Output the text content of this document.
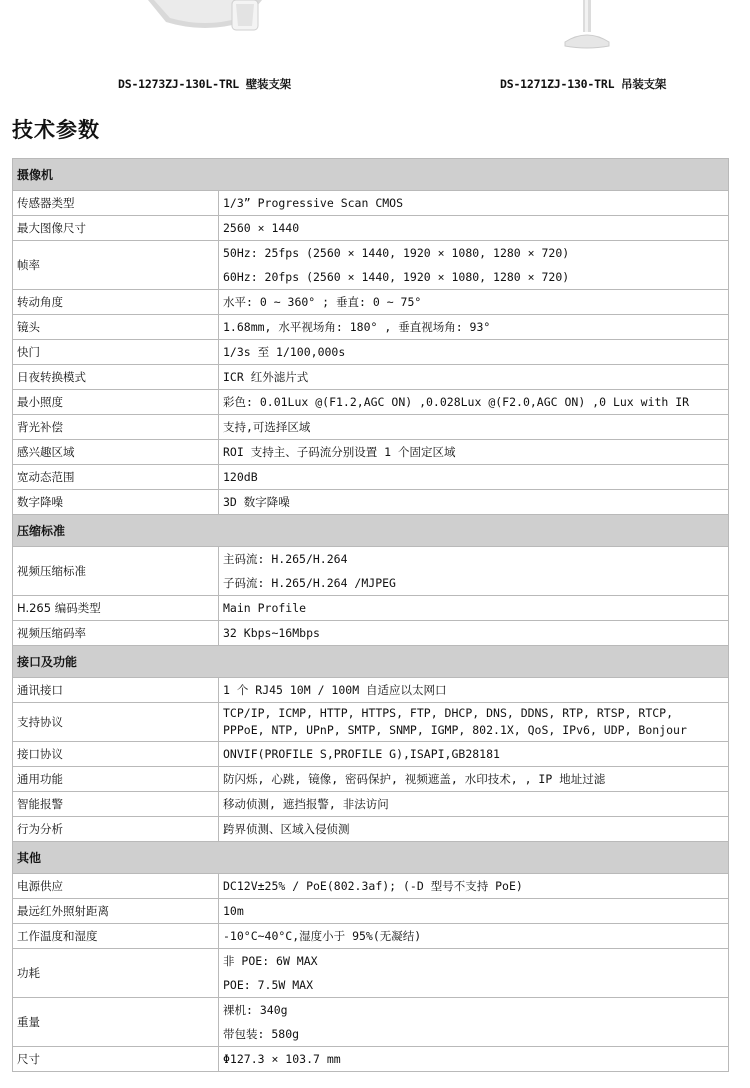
DS-1273ZJ-130L-TRL 壁装支架	DS-1271ZJ-130-TRL 吊装支架
技术参数
摄像机	
传感器类型	1/3” Progressive Scan CMOS

最大图像尺寸	2560 × 1440

帧率	50Hz: 25fps (2560 × 1440, 1920 × 1080, 1280 × 720)
60Hz: 20fps (2560 × 1440, 1920 × 1080, 1280 × 720)

转动角度	水平: 0 ~ 360° ; 垂直: 0 ~ 75°

镜头	1.68mm, 水平视场角: 180° , 垂直视场角: 93°

快门	1/3s 至 1/100,000s

日夜转换模式	ICR 红外滤片式

最小照度	彩色: 0.01Lux @(F1.2,AGC ON) ,0.028Lux @(F2.0,AGC ON) ,0 Lux with IR

背光补偿	支持,可选择区域

感兴趣区域	ROI 支持主、子码流分别设置 1 个固定区域

宽动态范围	120dB

数字降噪	3D 数字降噪

压缩标准	
视频压缩标准	主码流: H.265/H.264
子码流: H.265/H.264 /MJPEG

H.265 编码类型	Main Profile

视频压缩码率	32 Kbps~16Mbps

接口及功能	
通讯接口	1 个 RJ45 10M / 100M 自适应以太网口

支持协议	TCP/IP, ICMP, HTTP, HTTPS, FTP, DHCP, DNS, DDNS, RTP, RTSP, RTCP,
PPPoE, NTP, UPnP, SMTP, SNMP, IGMP, 802.1X, QoS, IPv6, UDP, Bonjour

接口协议	ONVIF(PROFILE S,PROFILE G),ISAPI,GB28181

通用功能	防闪烁, 心跳, 镜像, 密码保护, 视频遮盖, 水印技术, , IP 地址过滤

智能报警	移动侦测, 遮挡报警, 非法访问

行为分析	跨界侦测、区域入侵侦测

其他	
电源供应	DC12V±25% / PoE(802.3af); (-D 型号不支持 PoE)

最远红外照射距离	10m

工作温度和湿度	-10°C~40°C,湿度小于 95%(无凝结)

功耗	非 POE: 6W MAX
POE: 7.5W MAX

重量	裸机: 340g
带包装: 580g

尺寸	Φ127.3 × 103.7 mm
